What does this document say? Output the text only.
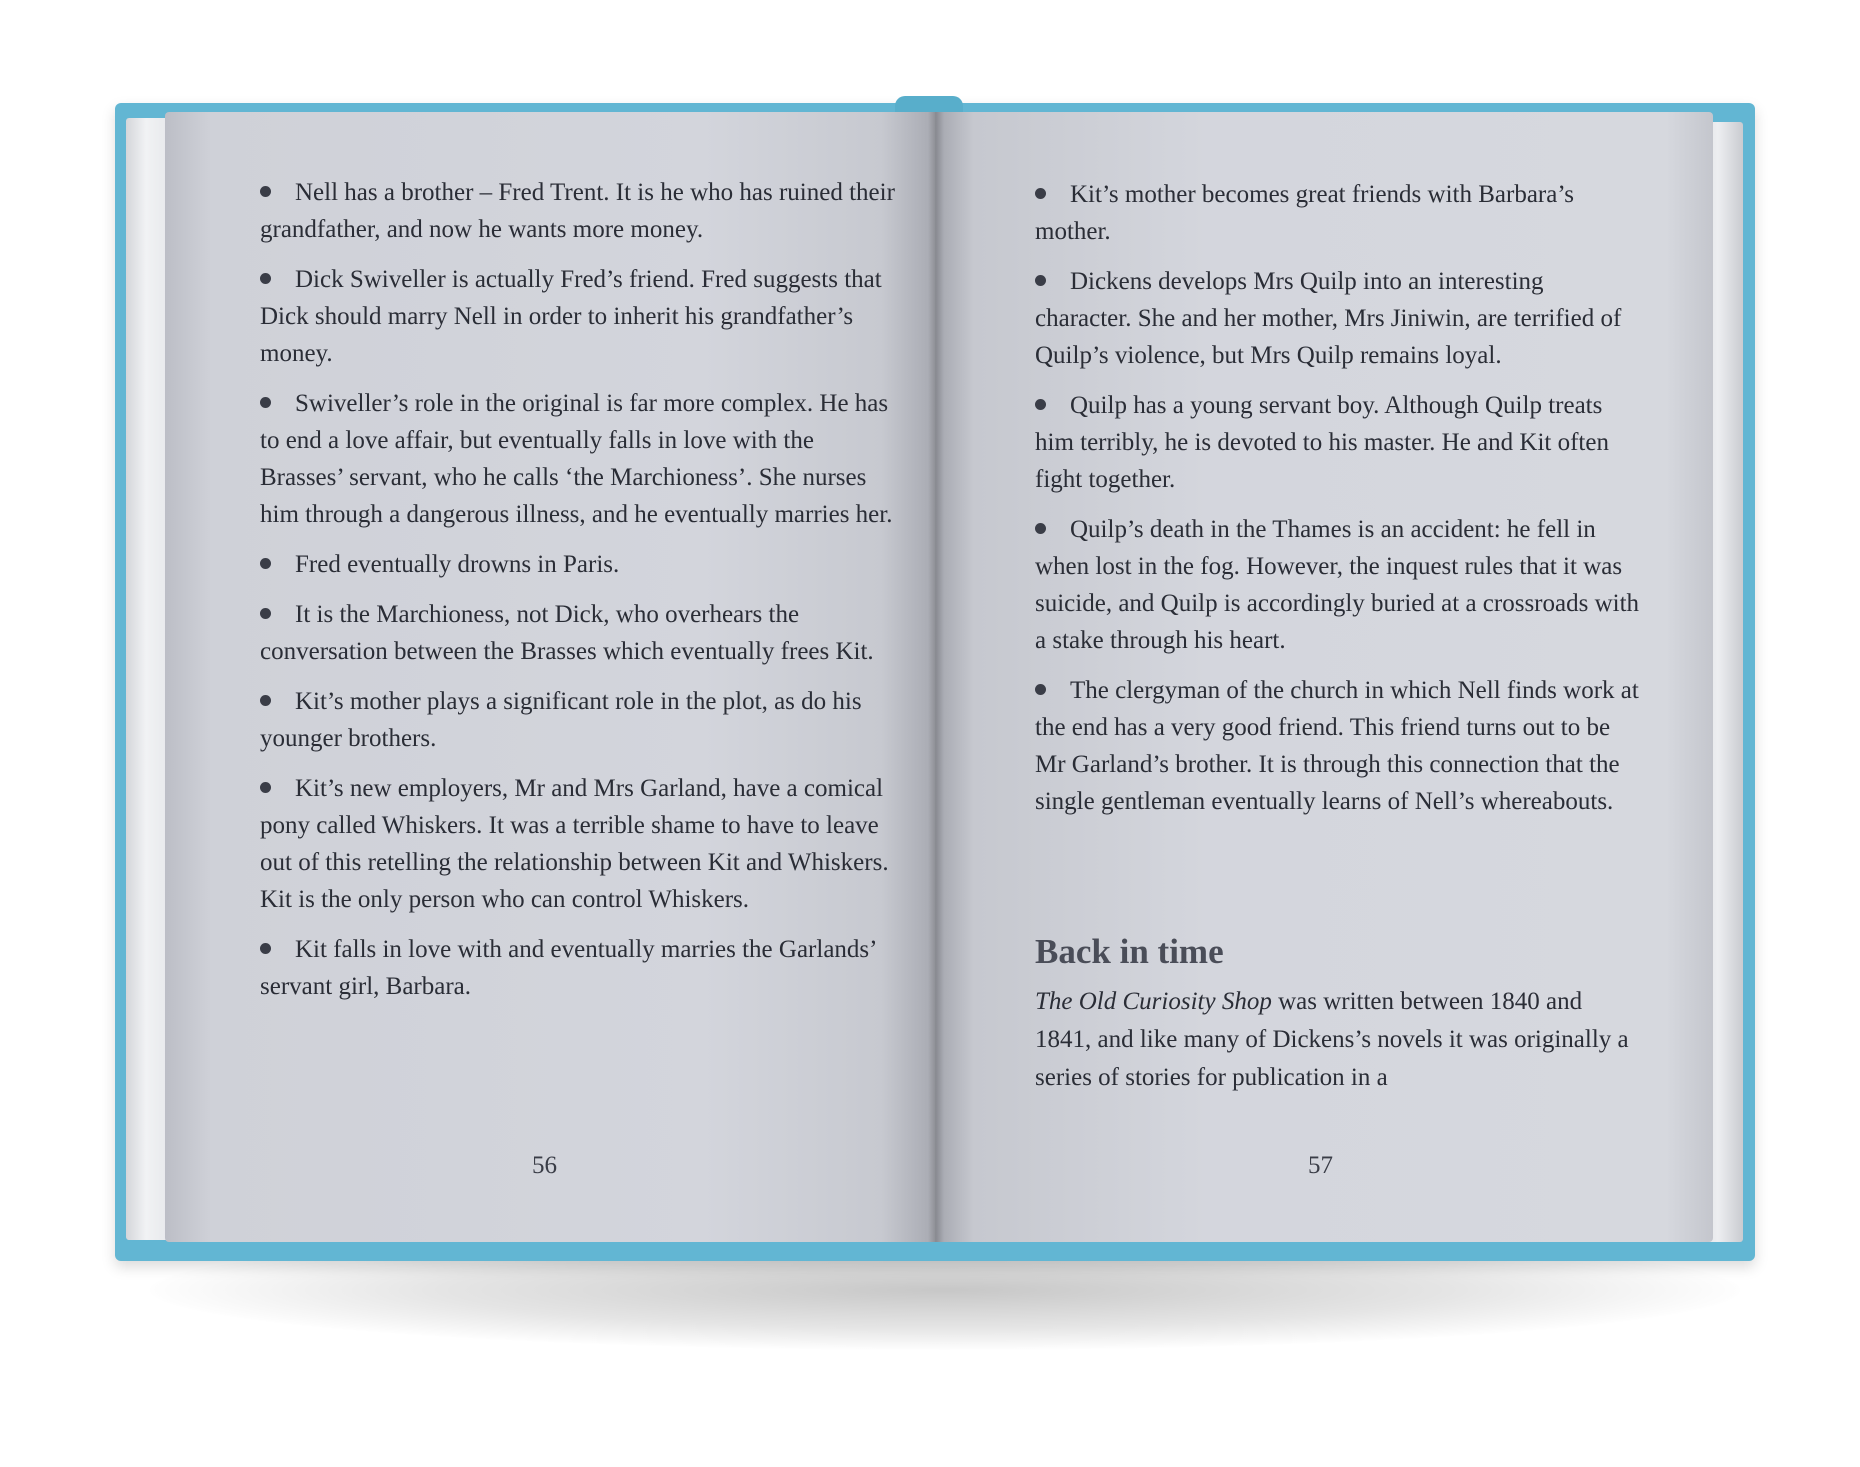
Nell has a brother – Fred Trent. It is he who has ruined their grandfather, and now he wants more money.
Dick Swiveller is actually Fred’s friend. Fred suggests that Dick should marry Nell in order to inherit his grandfather’s money.
Swiveller’s role in the original is far more complex. He has to end a love affair, but eventually falls in love with the Brasses’ servant, who he calls ‘the Marchioness’. She nurses him through a dangerous illness, and he eventually marries her.
Fred eventually drowns in Paris.
It is the Marchioness, not Dick, who overhears the conversation between the Brasses which eventually frees Kit.
Kit’s mother plays a significant role in the plot, as do his younger brothers.
Kit’s new employers, Mr and Mrs Garland, have a comical pony called Whiskers. It was a terrible shame to have to leave out of this retelling the relationship between Kit and Whiskers. Kit is the only person who can control Whiskers.
Kit falls in love with and eventually marries the Garlands’ servant girl, Barbara.
56
Kit’s mother becomes great friends with Barbara’s mother.
Dickens develops Mrs Quilp into an interesting character. She and her mother, Mrs Jiniwin, are terrified of Quilp’s violence, but Mrs Quilp remains loyal.
Quilp has a young servant boy. Although Quilp treats him terribly, he is devoted to his master. He and Kit often fight together.
Quilp’s death in the Thames is an accident: he fell in when lost in the fog. However, the inquest rules that it was suicide, and Quilp is accordingly buried at a crossroads with a stake through his heart.
The clergyman of the church in which Nell finds work at the end has a very good friend. This friend turns out to be Mr Garland’s brother. It is through this connection that the single gentleman eventually learns of Nell’s whereabouts.
Back in time

The Old Curiosity Shop was written between 1840 and 1841, and like many of Dickens’s novels it was originally a series of stories for publication in a

57
